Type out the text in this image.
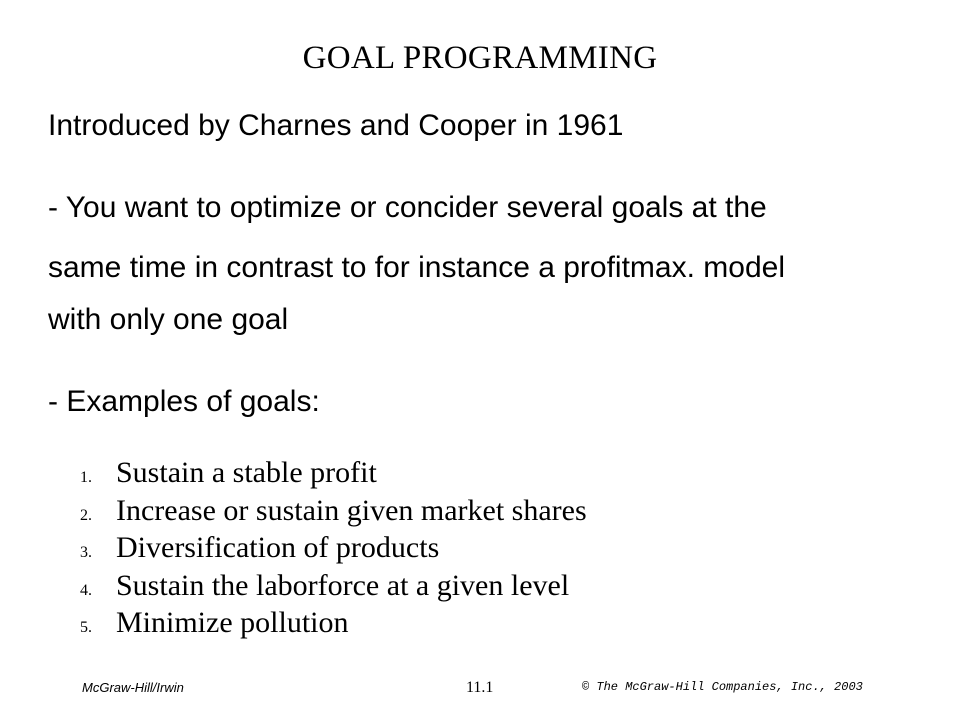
GOAL PROGRAMMING
Introduced by Charnes and Cooper in 1961
- You want to optimize or concider several goals at the
same time in contrast to for instance a profitmax. model
with only one goal
- Examples of goals:
1. Sustain a stable profit
2. Increase or sustain given market shares
3. Diversification of products
4. Sustain the laborforce at a given level
5. Minimize pollution
McGraw-Hill/Irwin	11.1	© The McGraw-Hill Companies, Inc., 2003
